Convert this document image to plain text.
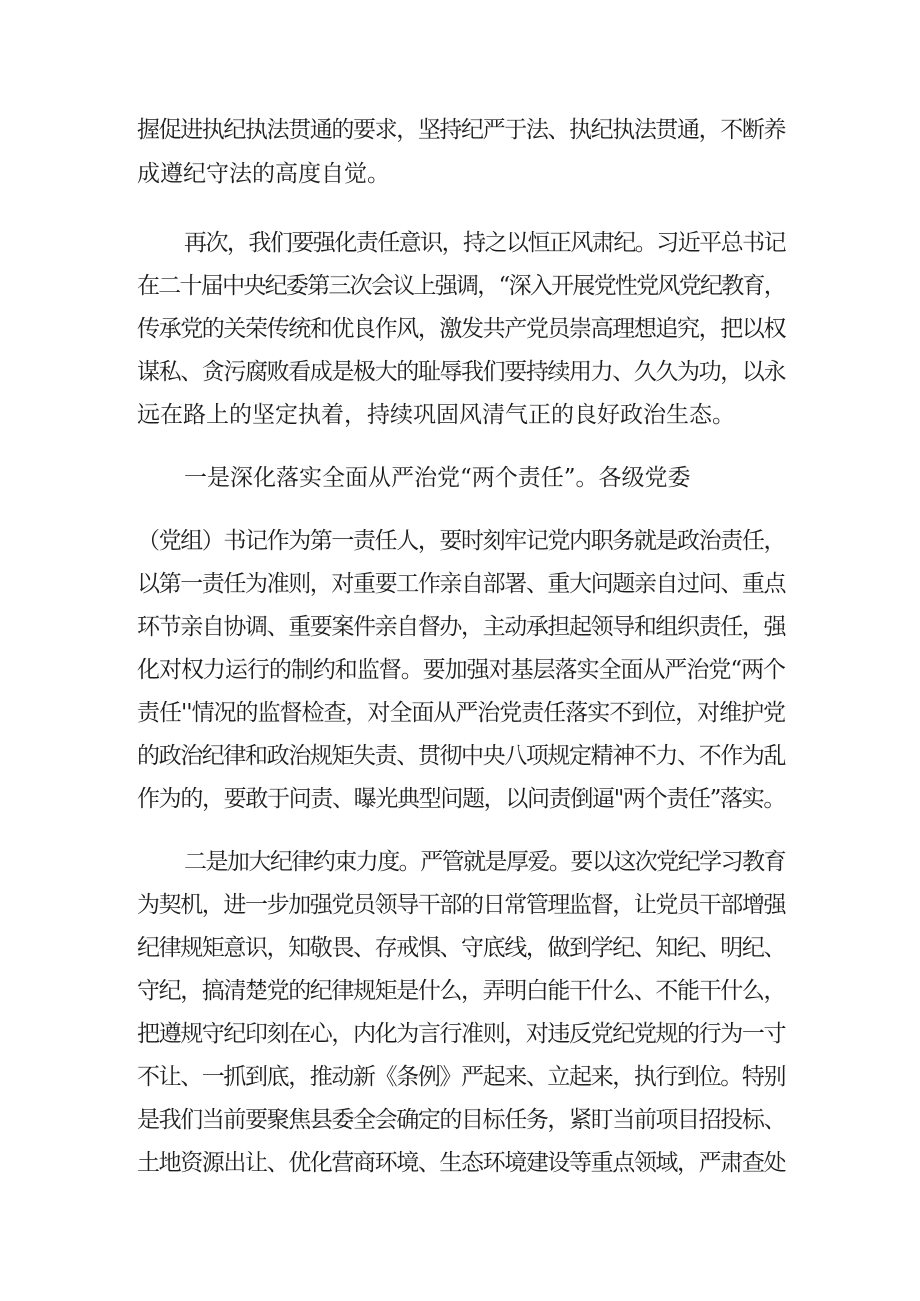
握促进执纪执法贯通的要求，坚持纪严于法、执纪执法贯通，不断养

成遵纪守法的高度自觉。

再次，我们要强化责任意识，持之以恒正风肃纪。习近平总书记

在二十届中央纪委第三次会议上强调，“深入开展党性党风党纪教育，

传承党的关荣传统和优良作风，激发共产党员崇高理想追究，把以权

谋私、贪污腐败看成是极大的耻辱我们要持续用力、久久为功，以永

远在路上的坚定执着，持续巩固风清气正的良好政治生态。

一是深化落实全面从严治党“两个责任”。各级党委

（党组）书记作为第一责任人，要时刻牢记党内职务就是政治责任，

以第一责任为准则，对重要工作亲自部署、重大问题亲自过问、重点

环节亲自协调、重要案件亲自督办，主动承担起领导和组织责任，强

化对权力运行的制约和监督。要加强对基层落实全面从严治党“两个

责任''情况的监督检查，对全面从严治党责任落实不到位，对维护党

的政治纪律和政治规矩失责、贯彻中央八项规定精神不力、不作为乱

作为的，要敢于问责、曝光典型问题，以问责倒逼"两个责任”落实。

二是加大纪律约束力度。严管就是厚爱。要以这次党纪学习教育

为契机，进一步加强党员领导干部的日常管理监督，让党员干部增强

纪律规矩意识，知敬畏、存戒惧、守底线，做到学纪、知纪、明纪、

守纪，搞清楚党的纪律规矩是什么，弄明白能干什么、不能干什么，

把遵规守纪印刻在心，内化为言行准则，对违反党纪党规的行为一寸

不让、一抓到底，推动新《条例》严起来、立起来，执行到位。特别

是我们当前要聚焦县委全会确定的目标任务，紧盯当前项目招投标、

土地资源出让、优化营商环境、生态环境建设等重点领域，严肃查处
